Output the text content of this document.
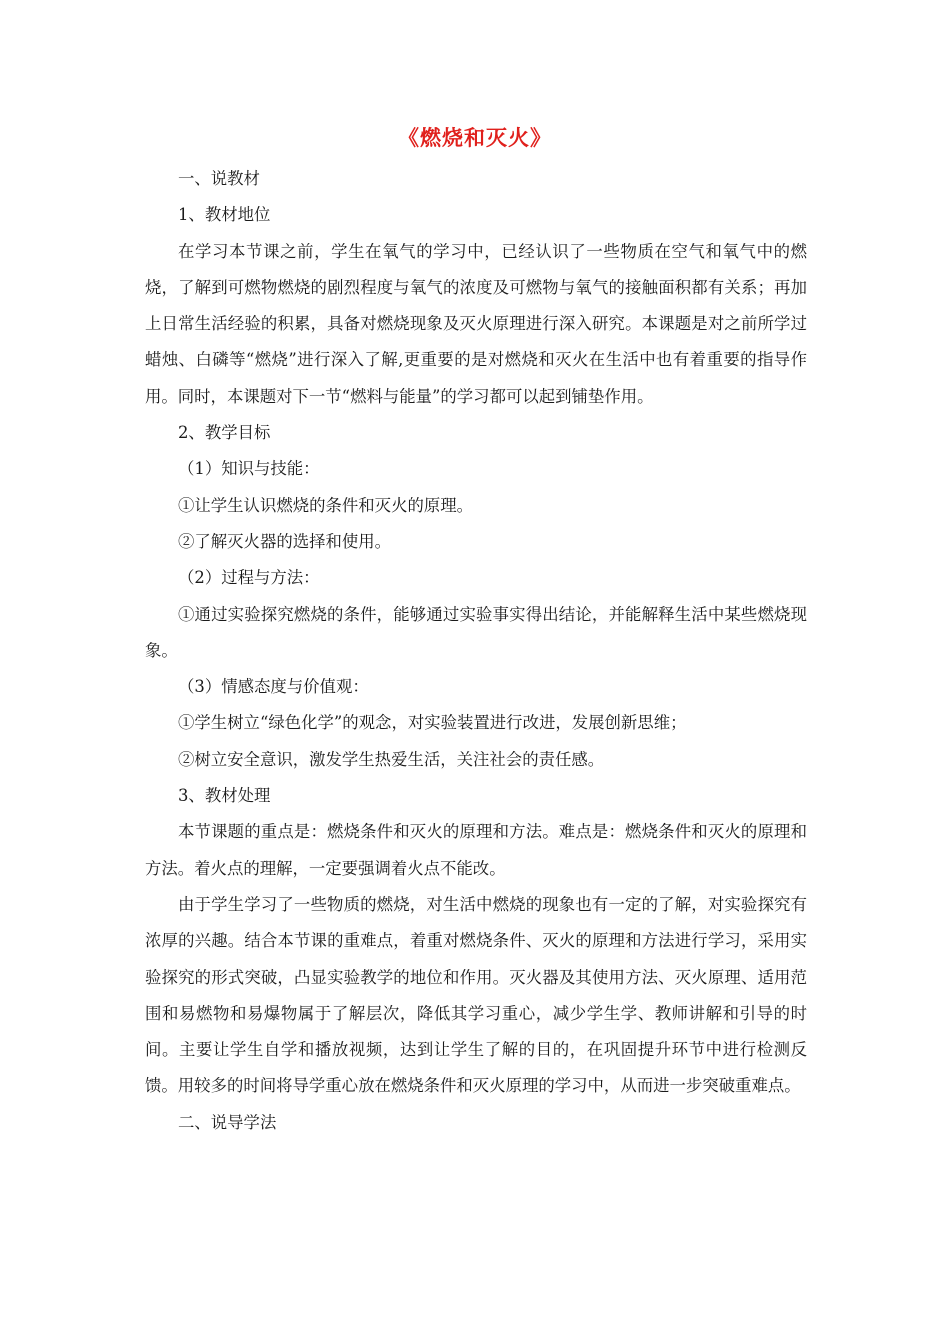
《燃烧和灭火》

一、说教材

1、教材地位

在学习本节课之前，学生在氧气的学习中，已经认识了一些物质在空气和氧气中的燃烧，了解到可燃物燃烧的剧烈程度与氧气的浓度及可燃物与氧气的接触面积都有关系；再加上日常生活经验的积累，具备对燃烧现象及灭火原理进行深入研究。本课题是对之前所学过蜡烛、白磷等“燃烧”进行深入了解,更重要的是对燃烧和灭火在生活中也有着重要的指导作用。同时，本课题对下一节“燃料与能量”的学习都可以起到铺垫作用。

2、教学目标

（1）知识与技能：

①让学生认识燃烧的条件和灭火的原理。

②了解灭火器的选择和使用。

（2）过程与方法：

①通过实验探究燃烧的条件，能够通过实验事实得出结论，并能解释生活中某些燃烧现象。

（3）情感态度与价值观：

①学生树立“绿色化学”的观念，对实验装置进行改进，发展创新思维；

②树立安全意识，激发学生热爱生活，关注社会的责任感。

3、教材处理

本节课题的重点是：燃烧条件和灭火的原理和方法。难点是：燃烧条件和灭火的原理和方法。着火点的理解，一定要强调着火点不能改。

由于学生学习了一些物质的燃烧，对生活中燃烧的现象也有一定的了解，对实验探究有浓厚的兴趣。结合本节课的重难点，着重对燃烧条件、灭火的原理和方法进行学习，采用实验探究的形式突破，凸显实验教学的地位和作用。灭火器及其使用方法、灭火原理、适用范围和易燃物和易爆物属于了解层次，降低其学习重心，减少学生学、教师讲解和引导的时间。主要让学生自学和播放视频，达到让学生了解的目的，在巩固提升环节中进行检测反馈。用较多的时间将导学重心放在燃烧条件和灭火原理的学习中，从而进一步突破重难点。

二、说导学法
